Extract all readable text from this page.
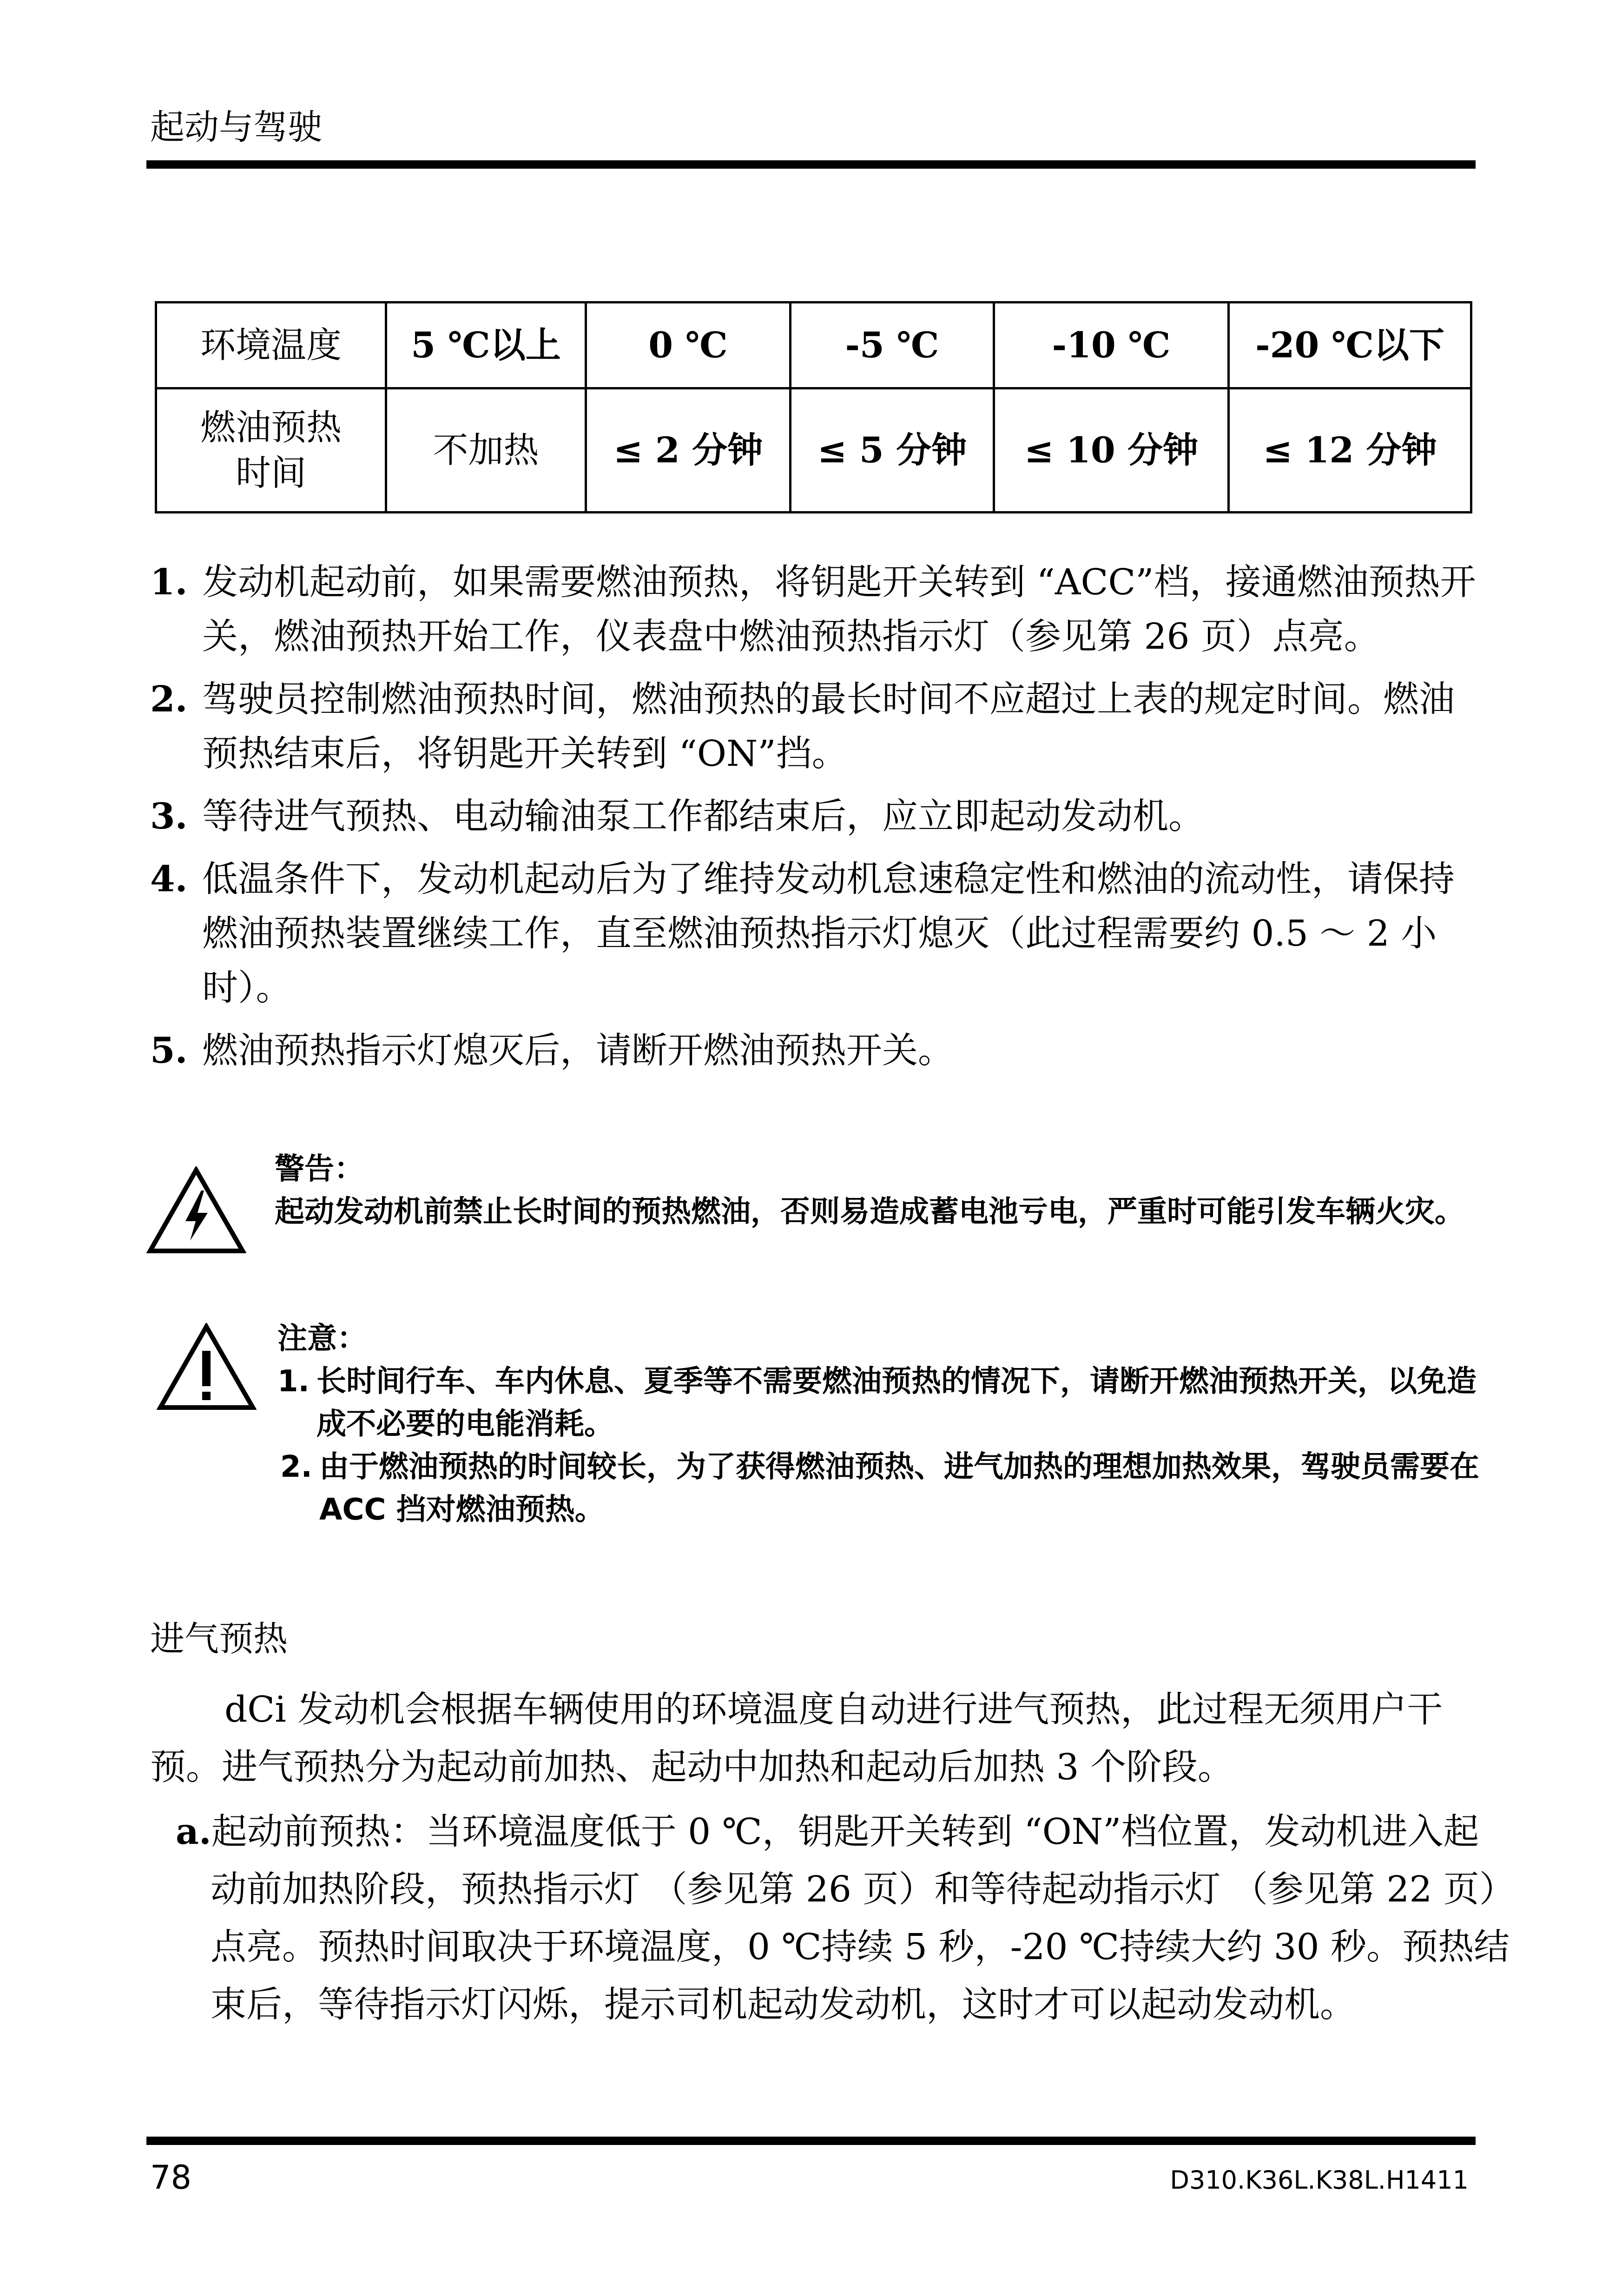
起动与驾驶
环境温度	5 ℃以上	0 ℃	-5 ℃	-10 ℃	-20 ℃以下
燃油预热时间	不加热	≤ 2 分钟	≤ 5 分钟	≤ 10 分钟	≤ 12 分钟
1. 发动机起动前，如果需要燃油预热，将钥匙开关转到 “ACC”档，接通燃油预热开关，燃油预热开始工作，仪表盘中燃油预热指示灯（参见第 26 页）点亮。
2. 驾驶员控制燃油预热时间，燃油预热的最长时间不应超过上表的规定时间。燃油预热结束后，将钥匙开关转到 “ON”挡。
3. 等待进气预热、电动输油泵工作都结束后，应立即起动发动机。
4. 低温条件下，发动机起动后为了维持发动机怠速稳定性和燃油的流动性，请保持燃油预热装置继续工作，直至燃油预热指示灯熄灭（此过程需要约 0.5 ～ 2 小时）。
5. 燃油预热指示灯熄灭后，请断开燃油预热开关。
警告：
起动发动机前禁止长时间的预热燃油，否则易造成蓄电池亏电，严重时可能引发车辆火灾。
注意：
1. 长时间行车、车内休息、夏季等不需要燃油预热的情况下，请断开燃油预热开关，以免造成不必要的电能消耗。
2. 由于燃油预热的时间较长，为了获得燃油预热、进气加热的理想加热效果，驾驶员需要在 ACC 挡对燃油预热。
进气预热
dCi 发动机会根据车辆使用的环境温度自动进行进气预热，此过程无须用户干预。进气预热分为起动前加热、起动中加热和起动后加热 3 个阶段。
a.起动前预热：当环境温度低于 0 ℃，钥匙开关转到 “ON”档位置，发动机进入起动前加热阶段，预热指示灯 （参见第 26 页）和等待起动指示灯 （参见第 22 页）点亮。预热时间取决于环境温度，0 ℃持续 5 秒，-20 ℃持续大约 30 秒。预热结束后，等待指示灯闪烁，提示司机起动发动机，这时才可以起动发动机。
78	D310.K36L.K38L.H1411
